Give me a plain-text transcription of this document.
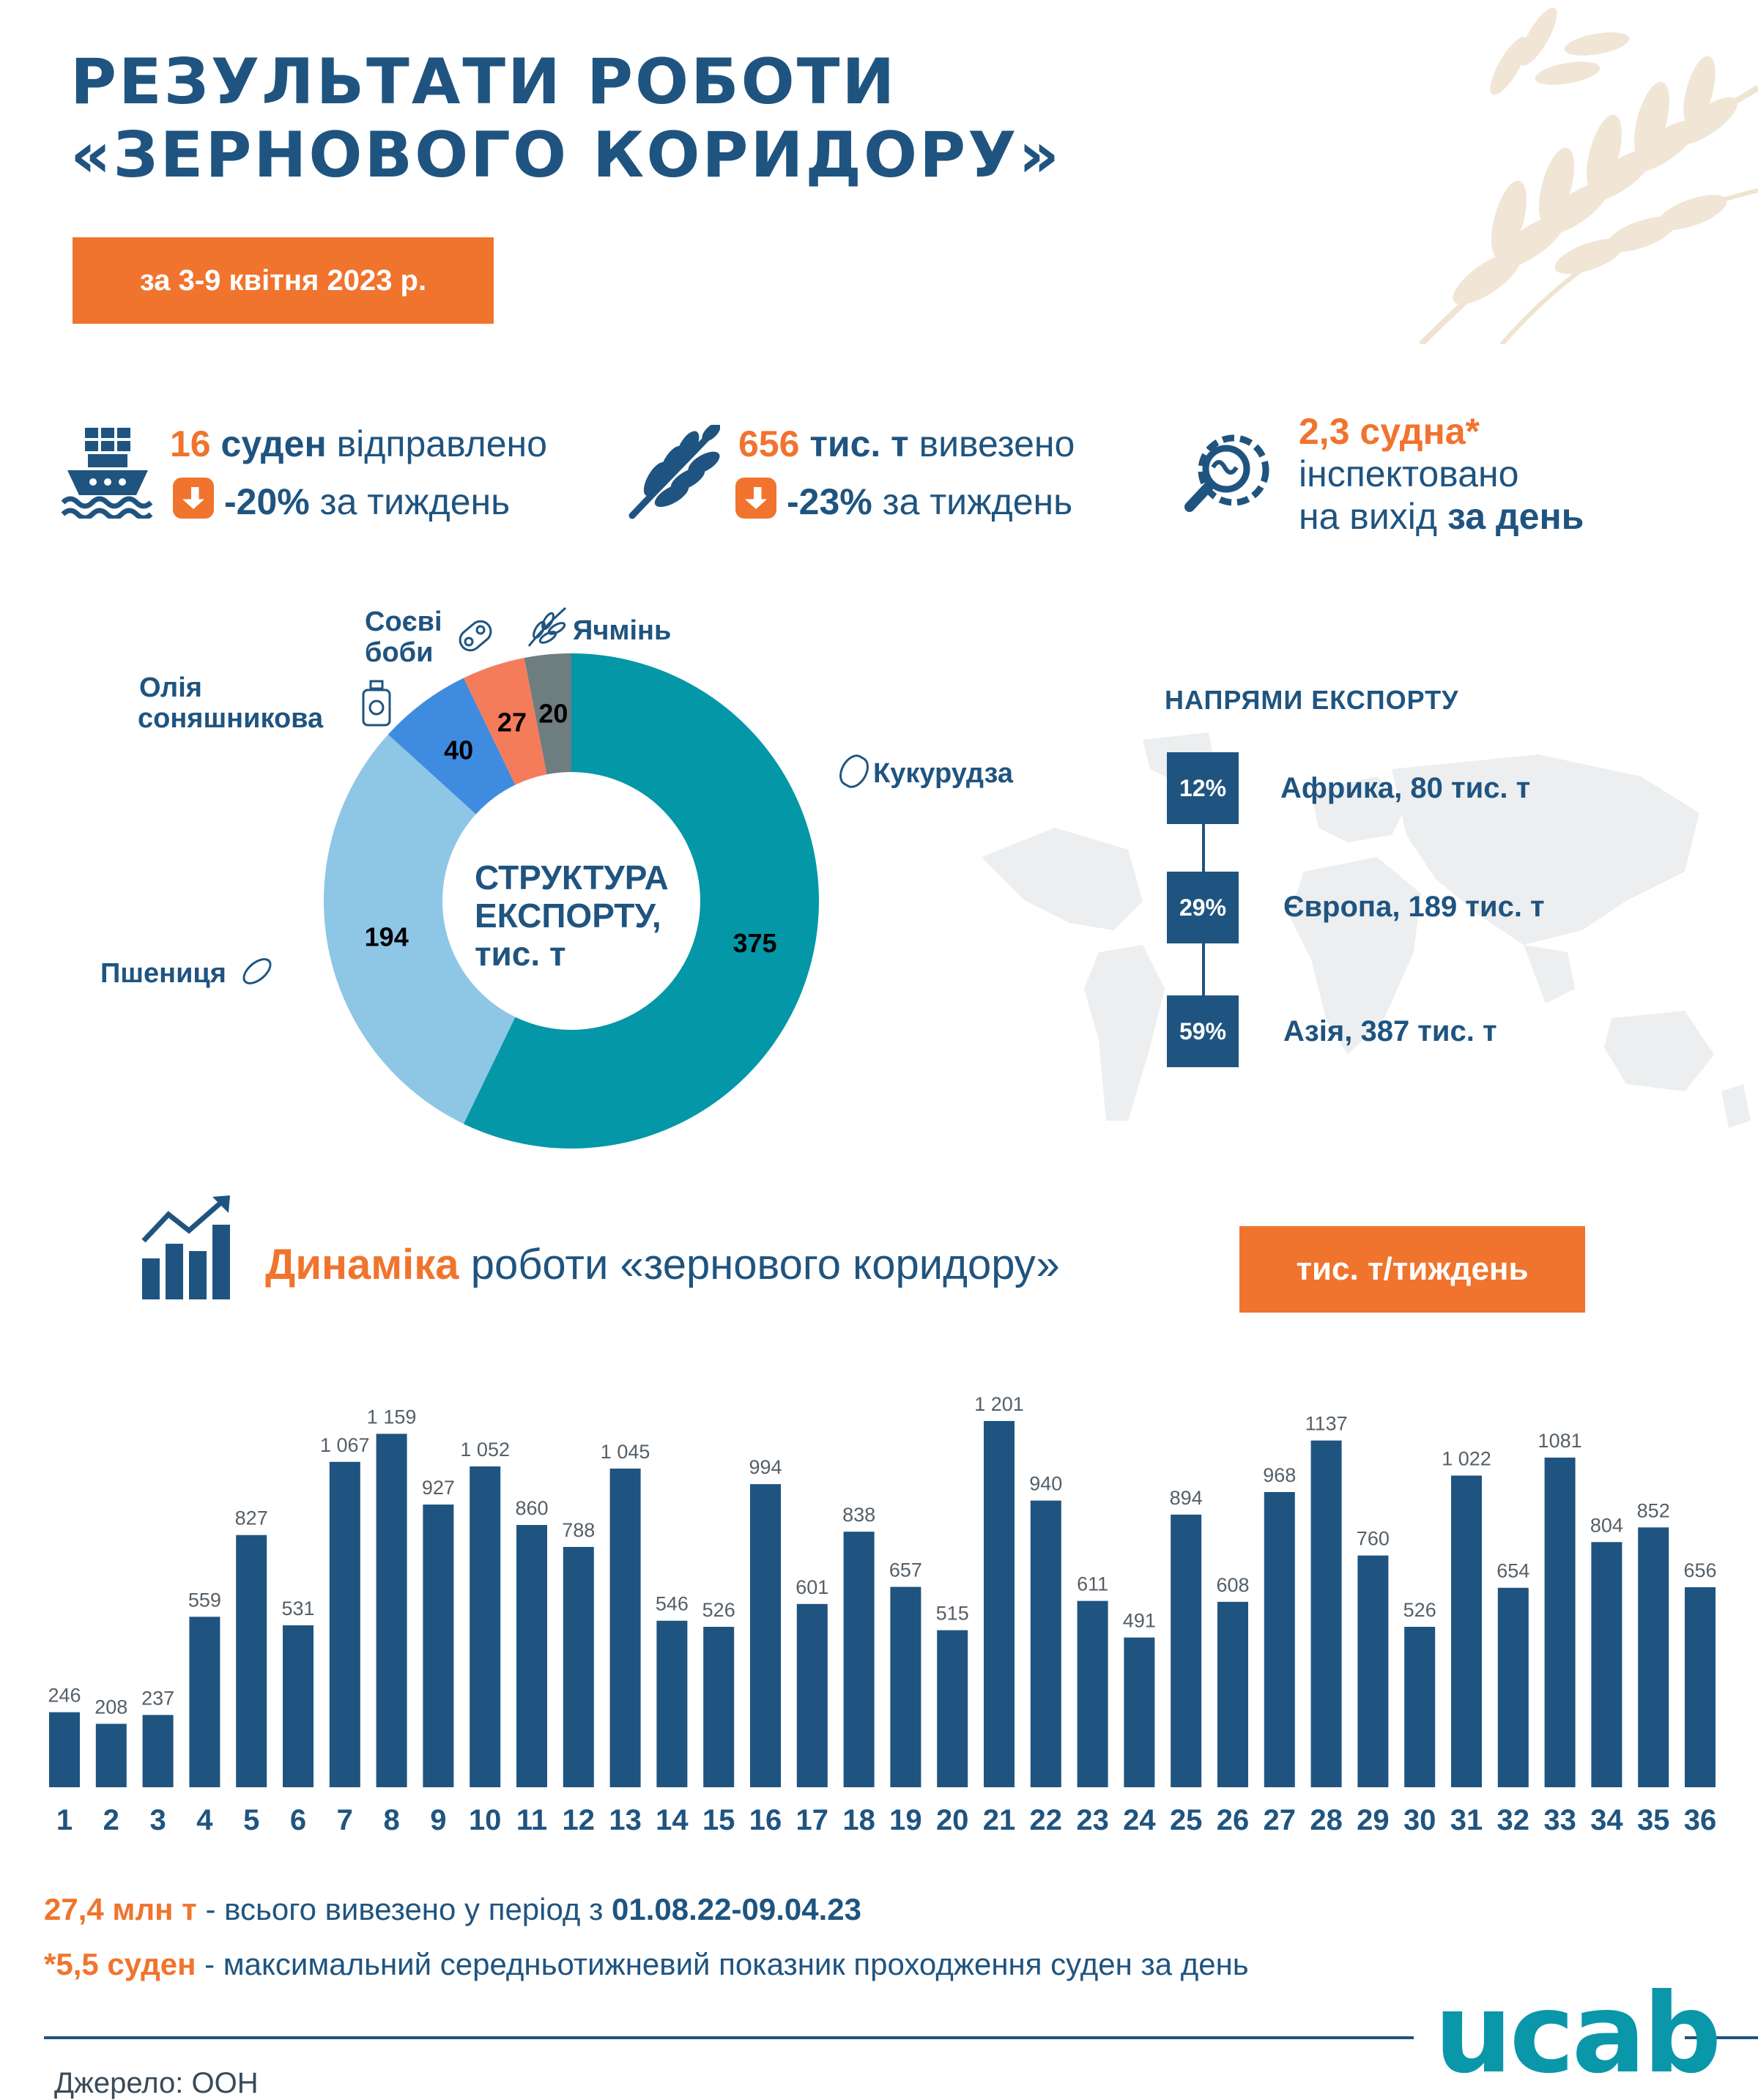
РЕЗУЛЬТАТИ РОБОТИ
«ЗЕРНОВОГО КОРИДОРУ»
за 3-9 квітня 2023 р.
16 суден відправлено
-20% за тиждень
656 тис. т вивезено
-23% за тиждень
2,3 судна*
інспектовано
на вихід за день
375
194
40
27 20
СТРУКТУРА
ЕКСПОРТУ,
тис. т
Кукурудза
Пшениця
Олія
соняшникова
Соєві
боби
Ячмінь
НАПРЯМИ ЕКСПОРТУ
12%	Африка, 80 тис. т
29%	Європа, 189 тис. т
59%	Азія, 387 тис. т
Динаміка роботи «зернового коридору»	тис. т/тиждень
246
1
208
2
237
3
559
4
827
5
531
6
1 067
7
1 159
8
927
9
1 052
10
860
11
788
12
1 045
13
546
14
526
15
994
16
601
17
838
18
657
19
515
20
1 201
21
940
22
611
23
491
24
894
25
608
26
968
27
1137
28
760
29
526
30
1 022
31
654
32
1081
33
804
34
852
35
656
36
27,4 млн т - всього вивезено у період з 01.08.22-09.04.23
*5,5 суден - максимальний середньотижневий показник проходження суден за день
Джерело: ООН	ucab
